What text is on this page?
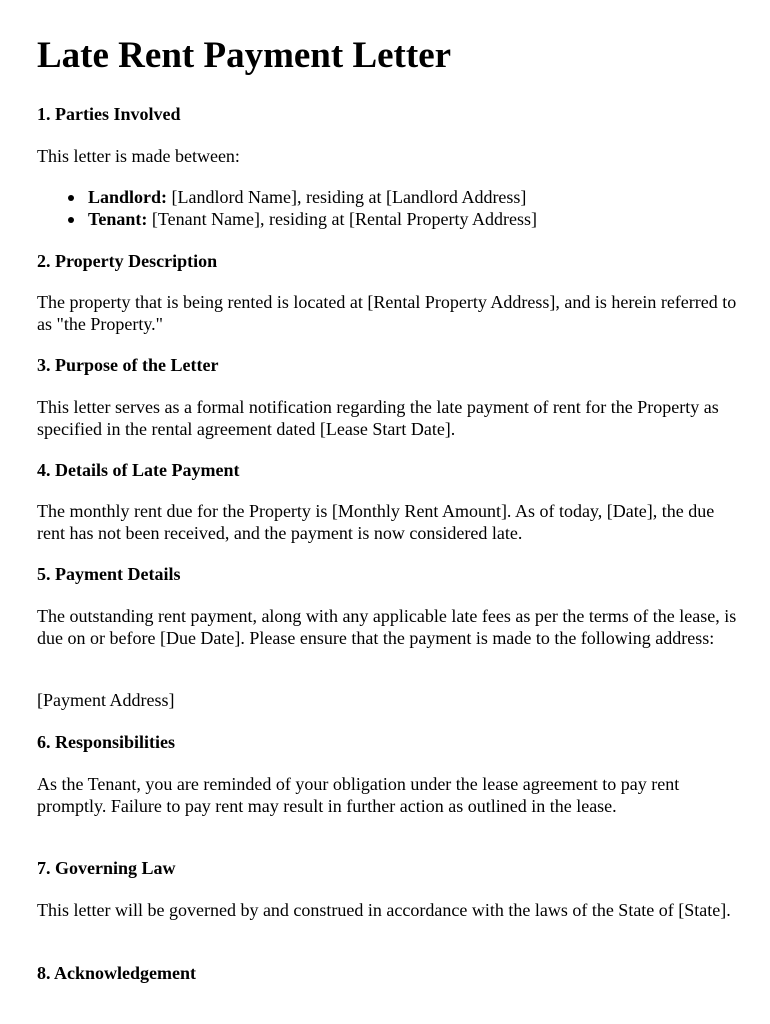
Late Rent Payment Letter

1. Parties Involved

This letter is made between:

Landlord: [Landlord Name], residing at [Landlord Address]
Tenant: [Tenant Name], residing at [Rental Property Address]

2. Property Description

The property that is being rented is located at [Rental Property Address], and is herein referred to as "the Property."

3. Purpose of the Letter

This letter serves as a formal notification regarding the late payment of rent for the Property as specified in the rental agreement dated [Lease Start Date].

4. Details of Late Payment

The monthly rent due for the Property is [Monthly Rent Amount]. As of today, [Date], the due rent has not been received, and the payment is now considered late.

5. Payment Details

The outstanding rent payment, along with any applicable late fees as per the terms of the lease, is due on or before [Due Date]. Please ensure that the payment is made to the following address:

[Payment Address]

6. Responsibilities

As the Tenant, you are reminded of your obligation under the lease agreement to pay rent promptly. Failure to pay rent may result in further action as outlined in the lease.

7. Governing Law

This letter will be governed by and construed in accordance with the laws of the State of [State].

8. Acknowledgement
